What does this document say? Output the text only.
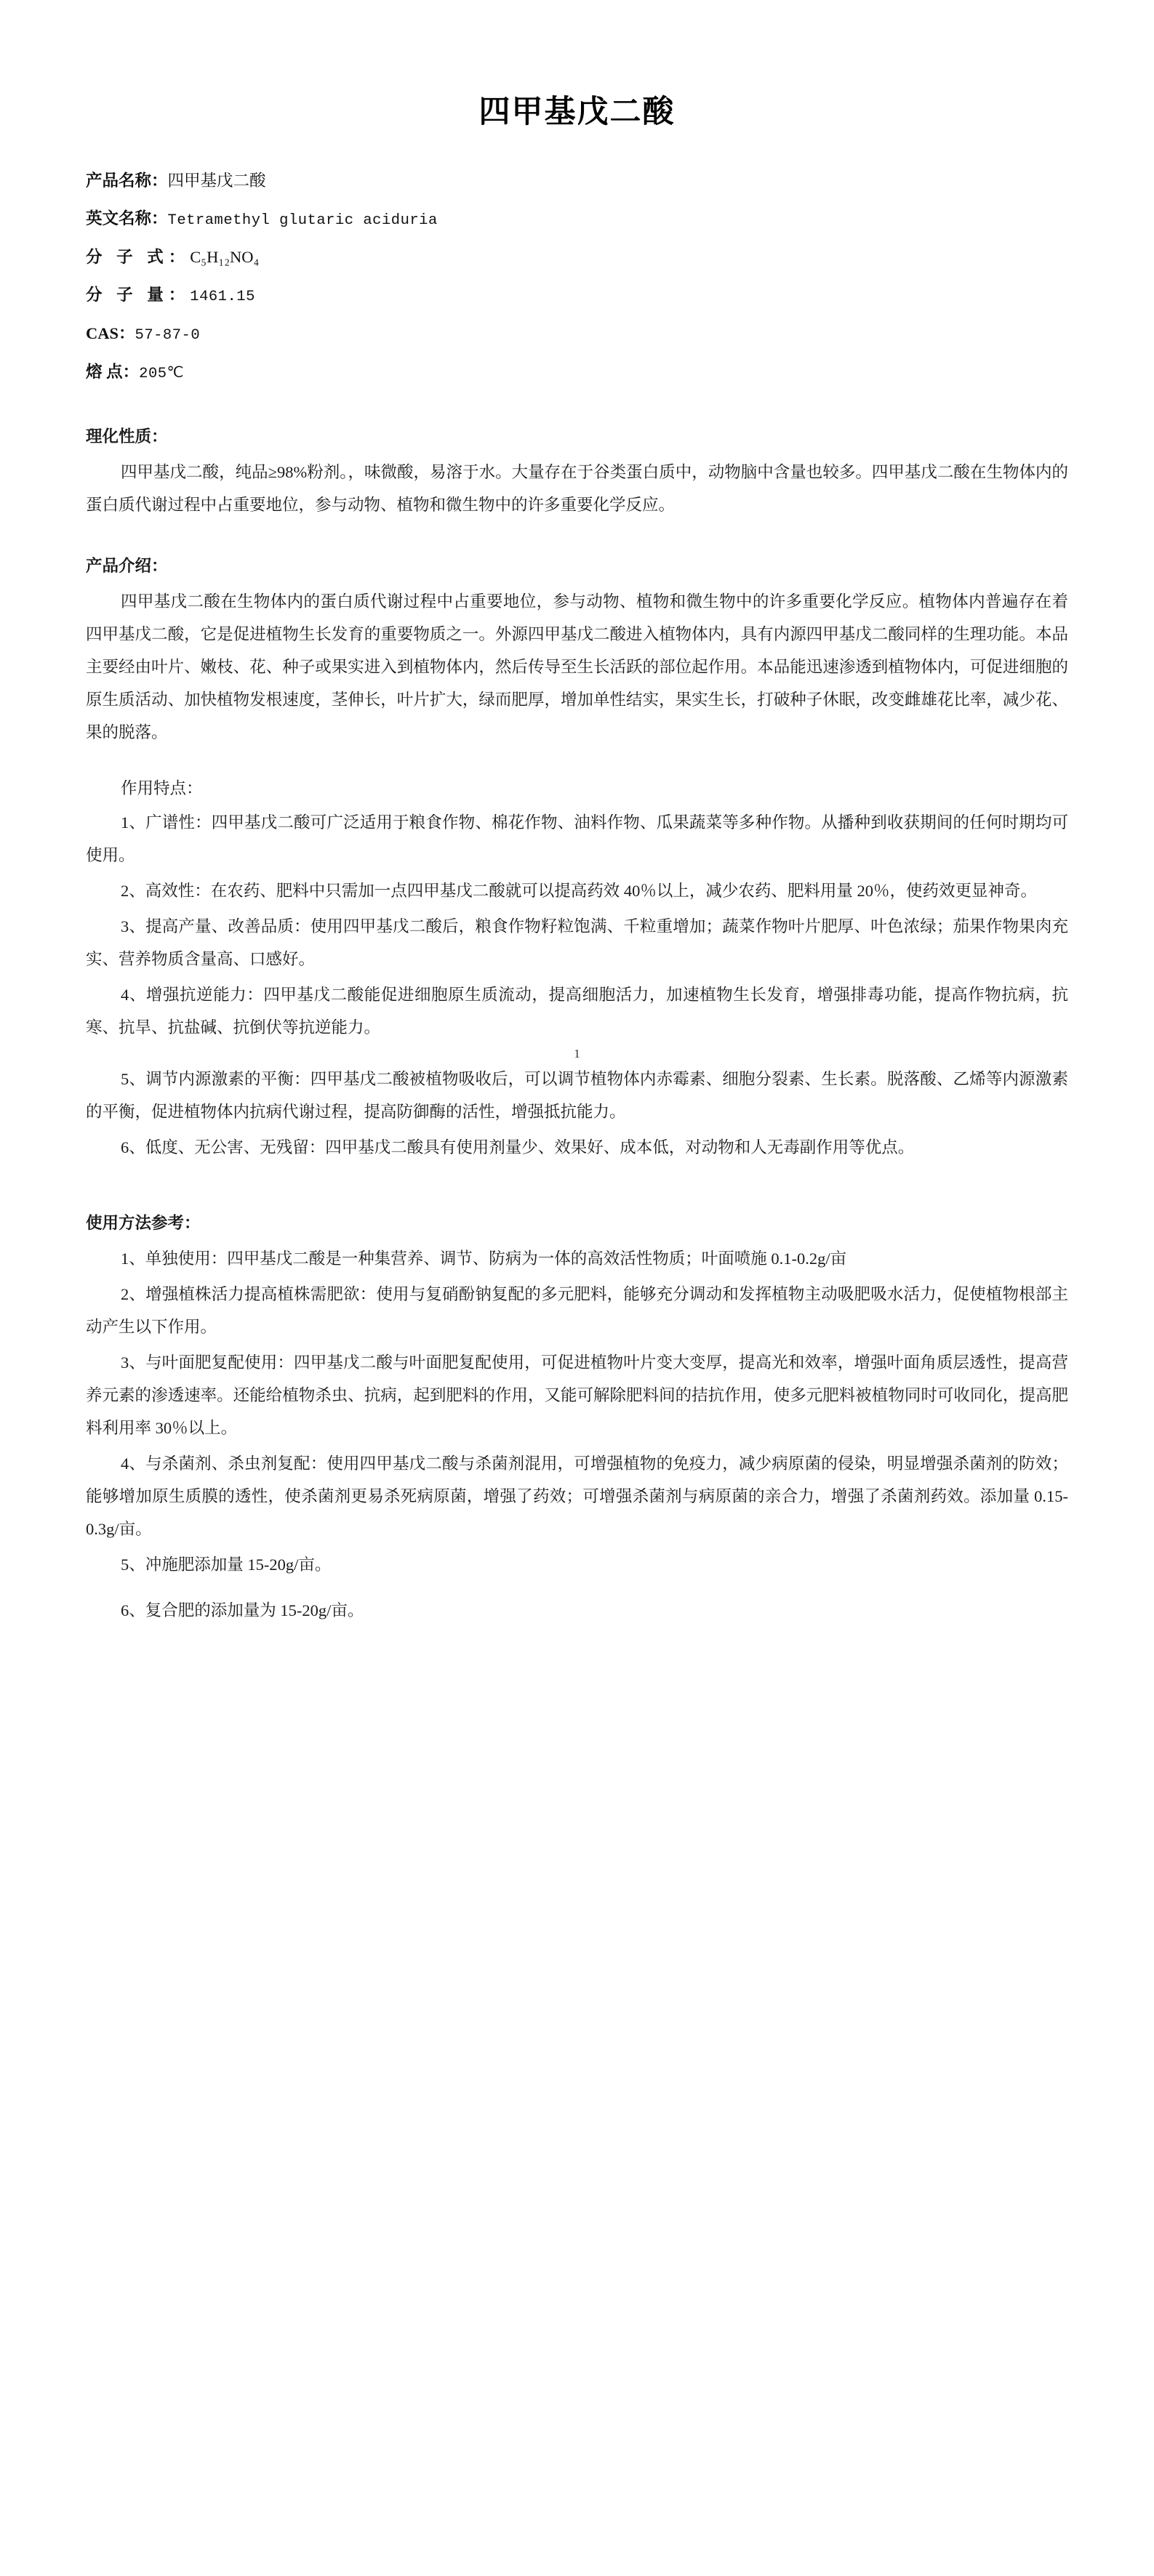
四甲基戊二酸

产品名称：四甲基戊二酸

英文名称：Tetramethyl glutaric aciduria

分 子 式：C₅H₁₂NO₄

分 子 量：1461.15

CAS：57-87-0

熔 点：205℃

理化性质：

四甲基戊二酸，纯品≥98%粉剂。，味微酸，易溶于水。大量存在于谷类蛋白质中，动物脑中含量也较多。四甲基戊二酸在生物体内的蛋白质代谢过程中占重要地位，参与动物、植物和微生物中的许多重要化学反应。

产品介绍：

四甲基戊二酸在生物体内的蛋白质代谢过程中占重要地位，参与动物、植物和微生物中的许多重要化学反应。植物体内普遍存在着四甲基戊二酸，它是促进植物生长发育的重要物质之一。外源四甲基戊二酸进入植物体内，具有内源四甲基戊二酸同样的生理功能。本品主要经由叶片、嫩枝、花、种子或果实进入到植物体内，然后传导至生长活跃的部位起作用。本品能迅速渗透到植物体内，可促进细胞的原生质活动、加快植物发根速度，茎伸长，叶片扩大，绿而肥厚，增加单性结实，果实生长，打破种子休眠，改变雌雄花比率，减少花、果的脱落。

作用特点：

1、广谱性：四甲基戊二酸可广泛适用于粮食作物、棉花作物、油料作物、瓜果蔬菜等多种作物。从播种到收获期间的任何时期均可使用。

2、高效性：在农药、肥料中只需加一点四甲基戊二酸就可以提高药效 40％以上，减少农药、肥料用量 20％，使药效更显神奇。

3、提高产量、改善品质：使用四甲基戊二酸后，粮食作物籽粒饱满、千粒重增加；蔬菜作物叶片肥厚、叶色浓绿；茄果作物果肉充实、营养物质含量高、口感好。

4、增强抗逆能力：四甲基戊二酸能促进细胞原生质流动，提高细胞活力，加速植物生长发育，增强排毒功能，提高作物抗病，抗寒、抗旱、抗盐碱、抗倒伏等抗逆能力。

1

5、调节内源激素的平衡：四甲基戊二酸被植物吸收后，可以调节植物体内赤霉素、细胞分裂素、生长素。脱落酸、乙烯等内源激素的平衡，促进植物体内抗病代谢过程，提高防御酶的活性，增强抵抗能力。

6、低度、无公害、无残留：四甲基戊二酸具有使用剂量少、效果好、成本低，对动物和人无毒副作用等优点。

使用方法参考：

1、单独使用：四甲基戊二酸是一种集营养、调节、防病为一体的高效活性物质；叶面喷施 0.1-0.2g/亩

2、增强植株活力提高植株需肥欲：使用与复硝酚钠复配的多元肥料，能够充分调动和发挥植物主动吸肥吸水活力，促使植物根部主动产生以下作用。

3、与叶面肥复配使用：四甲基戊二酸与叶面肥复配使用，可促进植物叶片变大变厚，提高光和效率，增强叶面角质层透性，提高营养元素的渗透速率。还能给植物杀虫、抗病，起到肥料的作用，又能可解除肥料间的拮抗作用，使多元肥料被植物同时可收同化，提高肥料利用率 30％以上。

4、与杀菌剂、杀虫剂复配：使用四甲基戊二酸与杀菌剂混用，可增强植物的免疫力，减少病原菌的侵染，明显增强杀菌剂的防效；能够增加原生质膜的透性，使杀菌剂更易杀死病原菌，增强了药效；可增强杀菌剂与病原菌的亲合力，增强了杀菌剂药效。添加量 0.15-0.3g/亩。

5、冲施肥添加量 15-20g/亩。

6、复合肥的添加量为 15-20g/亩。
